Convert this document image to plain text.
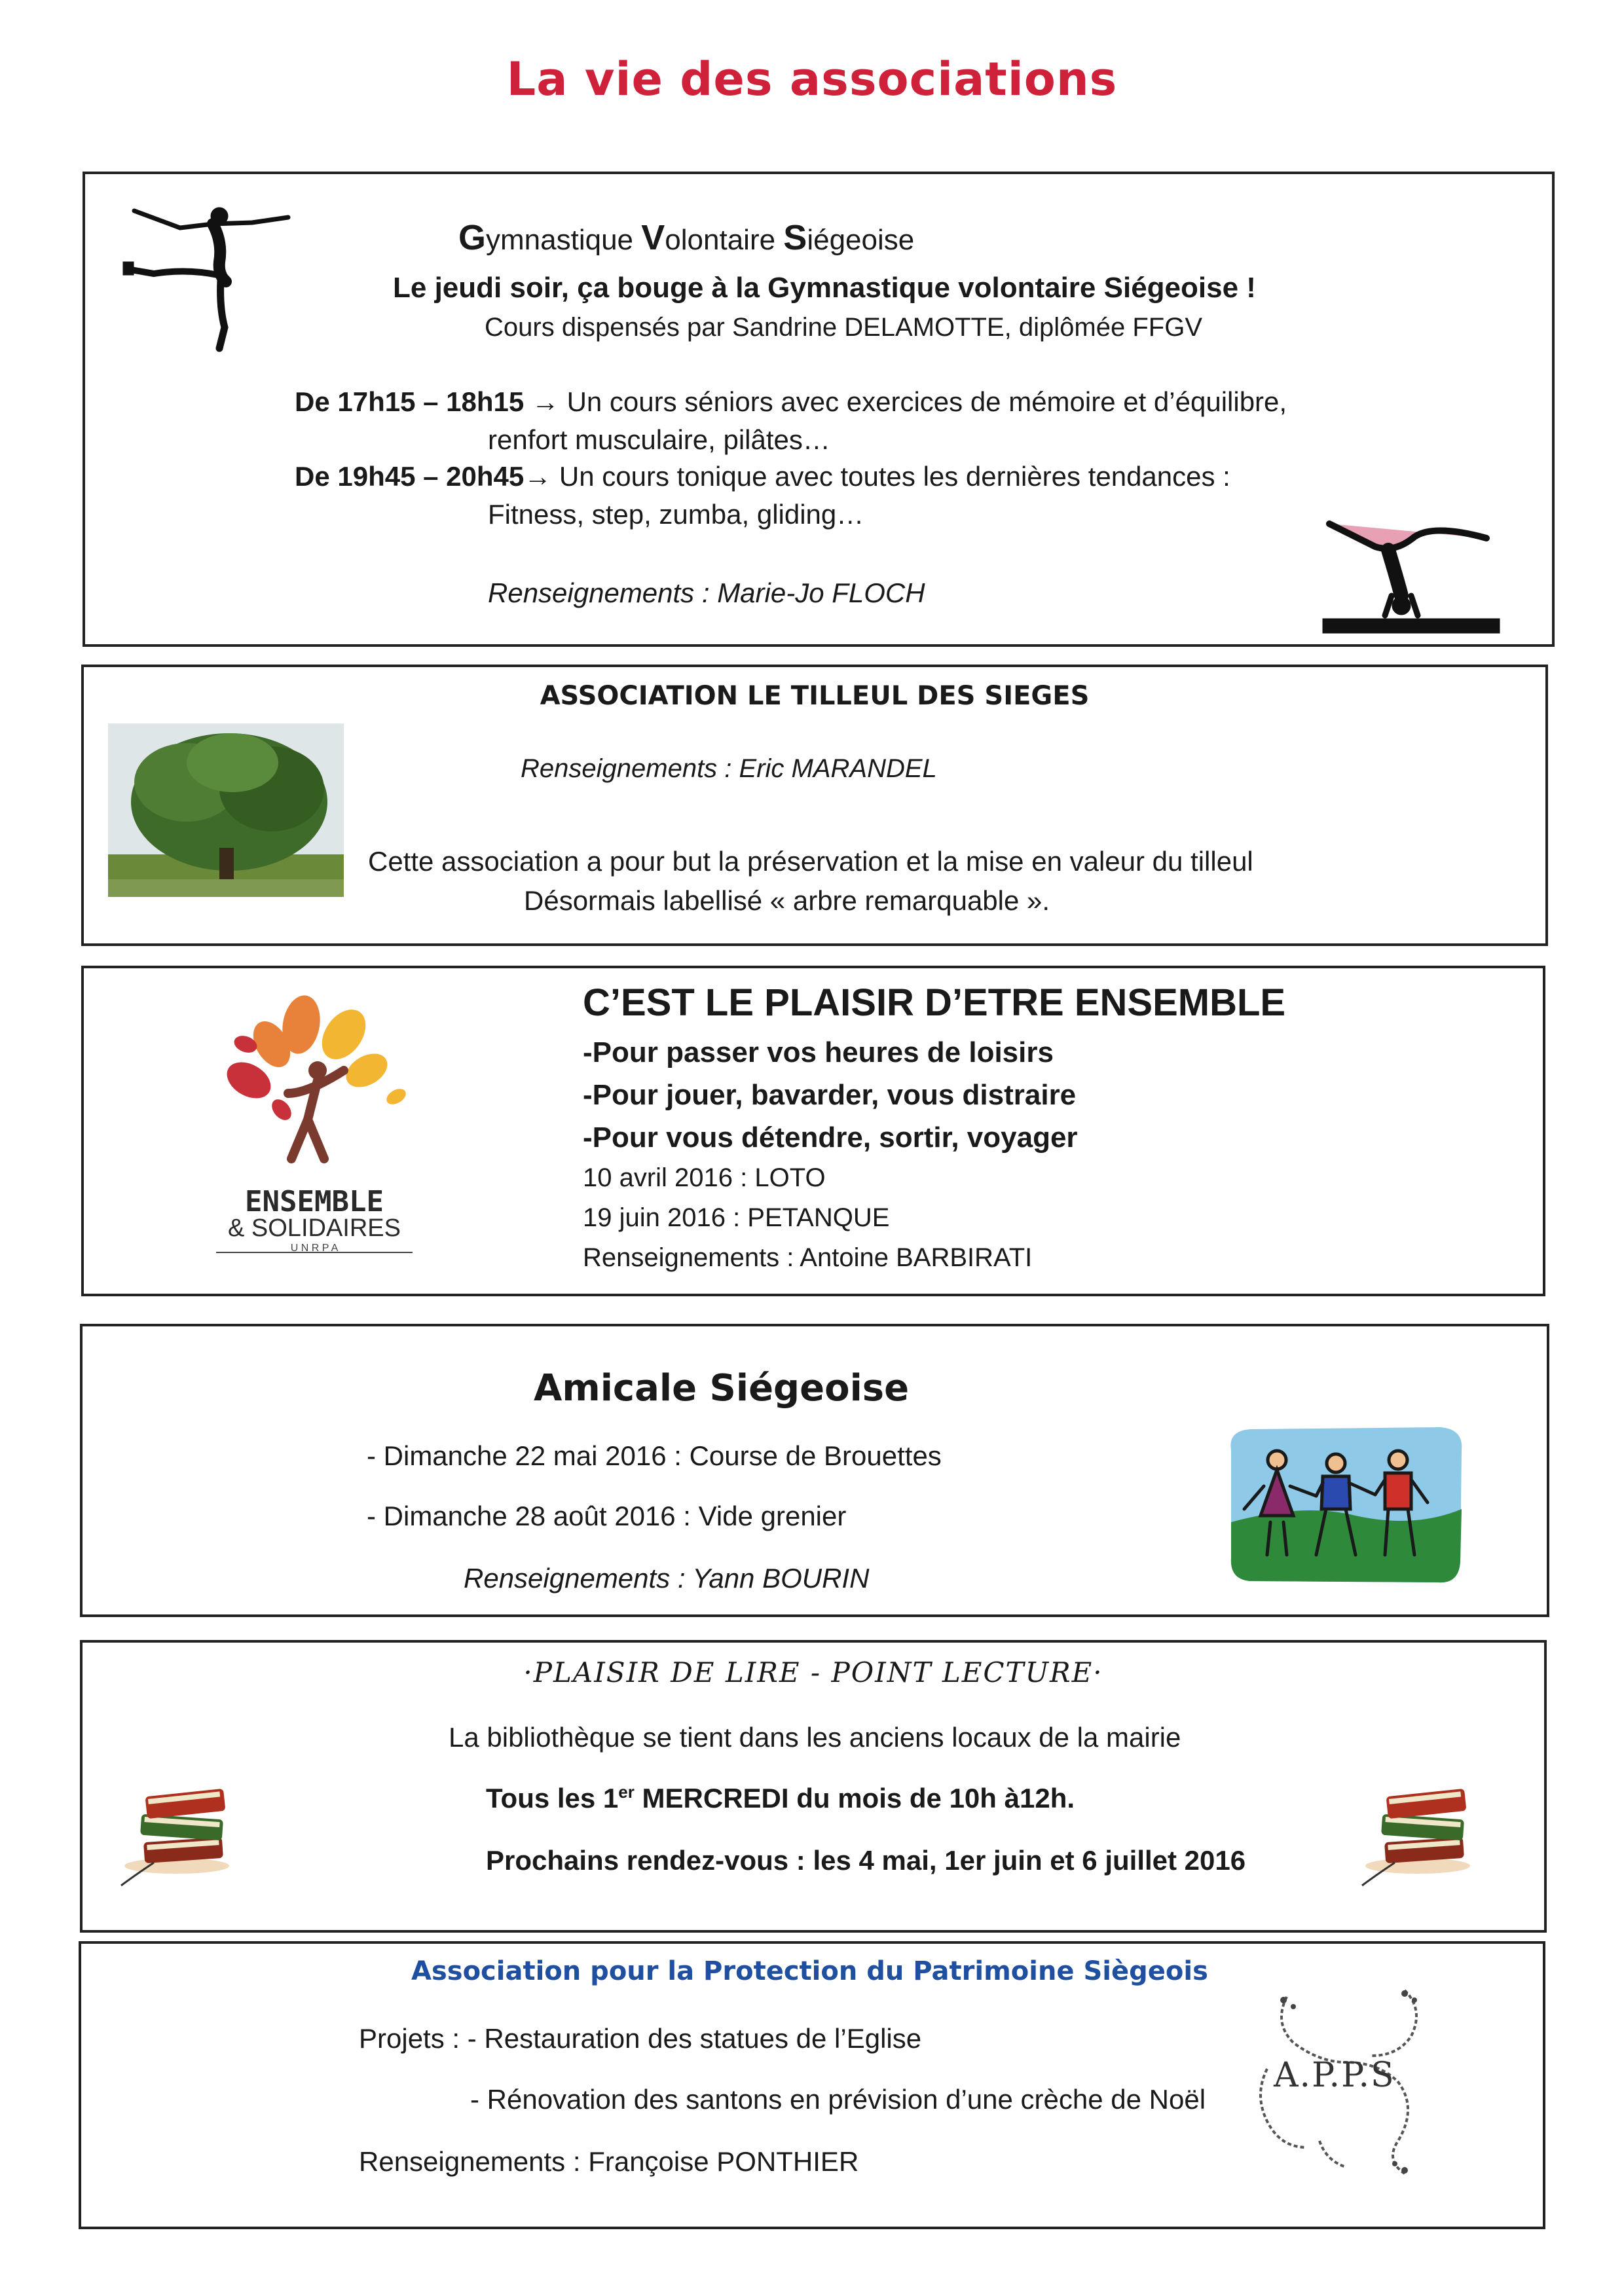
La vie des associations
Gymnastique Volontaire Siégeoise
Le jeudi soir, ça bouge à la Gymnastique volontaire Siégeoise !
Cours dispensés par Sandrine DELAMOTTE, diplômée FFGV
De 17h15 – 18h15 → Un cours séniors avec exercices de mémoire et d’équilibre,
renfort musculaire, pilâtes…
De 19h45 – 20h45→ Un cours tonique avec toutes les dernières tendances :
Fitness, step, zumba, gliding…
Renseignements : Marie-Jo FLOCH
ASSOCIATION LE TILLEUL DES SIEGES
Renseignements : Eric MARANDEL
Cette association a pour but la préservation et la mise en valeur du tilleul
Désormais labellisé « arbre remarquable ».
ENSEMBLE
& SOLIDAIRES
U N R P A
C’EST LE PLAISIR D’ETRE ENSEMBLE
-Pour passer vos heures de loisirs
-Pour jouer, bavarder, vous distraire
-Pour vous détendre, sortir, voyager
10 avril 2016 : LOTO
19 juin 2016 : PETANQUE
Renseignements : Antoine BARBIRATI
Amicale Siégeoise
- Dimanche 22 mai 2016 : Course de Brouettes
- Dimanche 28 août 2016 : Vide grenier
Renseignements : Yann BOURIN
·PLAISIR DE LIRE - POINT LECTURE·
La bibliothèque se tient dans les anciens locaux de la mairie
Tous les 1er MERCREDI du mois de 10h à12h.
Prochains rendez-vous : les 4 mai, 1er juin et 6 juillet 2016
Association pour la Protection du Patrimoine Siègeois
Projets : - Restauration des statues de l’Eglise
- Rénovation des santons en prévision d’une crèche de Noël
Renseignements : Françoise PONTHIER
A.P.P.S
